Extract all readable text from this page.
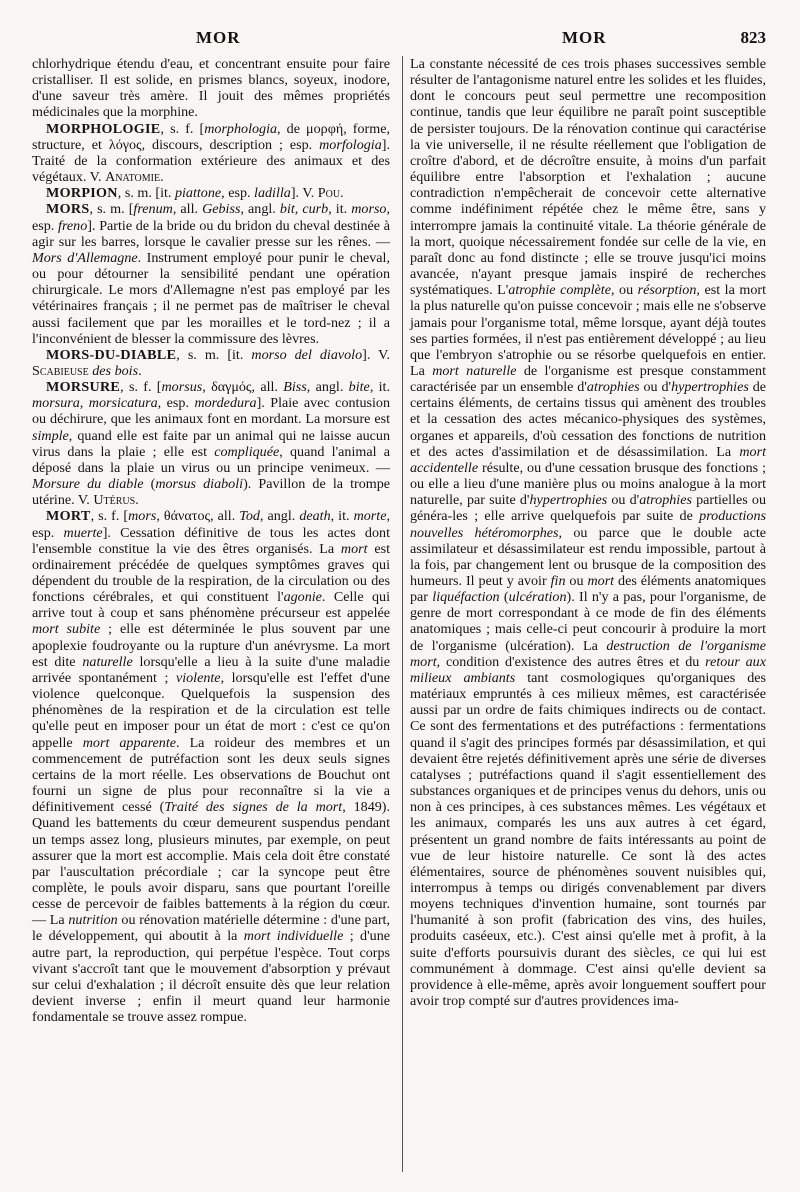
MOR	MOR	823

chlorhydrique étendu d'eau, et concentrant ensuite pour faire cristalliser. Il est solide, en prismes blancs, soyeux, inodore, d'une saveur très amère. Il jouit des mêmes propriétés médicinales que la morphine.

MORPHOLOGIE, s. f. [morphologia, de μορφή, forme, structure, et λόγος, discours, description ; esp. morfologia]. Traité de la conformation extérieure des animaux et des végétaux. V. Anatomie.

MORPION, s. m. [it. piattone, esp. ladilla]. V. Pou.

MORS, s. m. [frenum, all. Gebiss, angl. bit, curb, it. morso, esp. freno]. Partie de la bride ou du bridon du cheval destinée à agir sur les barres, lorsque le cavalier presse sur les rênes. — Mors d'Allemagne. Instrument employé pour punir le cheval, ou pour détourner la sensibilité pendant une opération chirurgicale. Le mors d'Allemagne n'est pas employé par les vétérinaires français ; il ne permet pas de maîtriser le cheval aussi facilement que par les morailles et le tord-nez ; il a l'inconvénient de blesser la commissure des lèvres.

MORS-DU-DIABLE, s. m. [it. morso del diavolo]. V. Scabieuse des bois.

MORSURE, s. f. [morsus, δαγμός, all. Biss, angl. bite, it. morsura, morsicatura, esp. mordedura]. Plaie avec contusion ou déchirure, que les animaux font en mordant. La morsure est simple, quand elle est faite par un animal qui ne laisse aucun virus dans la plaie ; elle est compliquée, quand l'animal a déposé dans la plaie un virus ou un principe venimeux. — Morsure du diable (morsus diaboli). Pavillon de la trompe utérine. V. Utérus.

MORT, s. f. [mors, θάνατος, all. Tod, angl. death, it. morte, esp. muerte]. Cessation définitive de tous les actes dont l'ensemble constitue la vie des êtres organisés. La mort est ordinairement précédée de quelques symptômes graves qui dépendent du trouble de la respiration, de la circulation ou des fonctions cérébrales, et qui constituent l'agonie. Celle qui arrive tout à coup et sans phénomène précurseur est appelée mort subite ; elle est déterminée le plus souvent par une apoplexie foudroyante ou la rupture d'un anévrysme. La mort est dite naturelle lorsqu'elle a lieu à la suite d'une maladie arrivée spontanément ; violente, lorsqu'elle est l'effet d'une violence quelconque. Quelquefois la suspension des phénomènes de la respiration et de la circulation est telle qu'elle peut en imposer pour un état de mort : c'est ce qu'on appelle mort apparente. La roideur des membres et un commencement de putréfaction sont les deux seuls signes certains de la mort réelle. Les observations de Bouchut ont fourni un signe de plus pour reconnaître si la vie a définitivement cessé (Traité des signes de la mort, 1849). Quand les battements du cœur demeurent suspendus pendant un temps assez long, plusieurs minutes, par exemple, on peut assurer que la mort est accomplie. Mais cela doit être constaté par l'auscultation précordiale ; car la syncope peut être complète, le pouls avoir disparu, sans que pourtant l'oreille cesse de percevoir de faibles battements à la région du cœur. — La nutrition ou rénovation matérielle détermine : d'une part, le développement, qui aboutit à la mort individuelle ; d'une autre part, la reproduction, qui perpétue l'espèce. Tout corps vivant s'accroît tant que le mouvement d'absorption y prévaut sur celui d'exhalation ; il décroît ensuite dès que leur relation devient inverse ; enfin il meurt quand leur harmonie fondamentale se trouve assez rompue.

La constante nécessité de ces trois phases successives semble résulter de l'antagonisme naturel entre les solides et les fluides, dont le concours peut seul permettre une recomposition continue, tandis que leur équilibre ne paraît point susceptible de persister toujours. De la rénovation continue qui caractérise la vie universelle, il ne résulte réellement que l'obligation de croître d'abord, et de décroître ensuite, à moins d'un parfait équilibre entre l'absorption et l'exhalation ; aucune contradiction n'empêcherait de concevoir cette alternative comme indéfiniment répétée chez le même être, sans y interrompre jamais la continuité vitale. La théorie générale de la mort, quoique nécessairement fondée sur celle de la vie, en paraît donc au fond distincte ; elle se trouve jusqu'ici moins avancée, n'ayant presque jamais inspiré de recherches systématiques. L'atrophie complète, ou résorption, est la mort la plus naturelle qu'on puisse concevoir ; mais elle ne s'observe jamais pour l'organisme total, même lorsque, ayant déjà toutes ses parties formées, il n'est pas entièrement développé ; au lieu que l'embryon s'atrophie ou se résorbe quelquefois en entier. La mort naturelle de l'organisme est presque constamment caractérisée par un ensemble d'atrophies ou d'hypertrophies de certains éléments, de certains tissus qui amènent des troubles et la cessation des actes mécanico-physiques des systèmes, organes et appareils, d'où cessation des fonctions de nutrition et des actes d'assimilation et de désassimilation. La mort accidentelle résulte, ou d'une cessation brusque des fonctions ; ou elle a lieu d'une manière plus ou moins analogue à la mort naturelle, par suite d'hypertrophies ou d'atrophies partielles ou généra-les ; elle arrive quelquefois par suite de productions nouvelles hétéromorphes, ou parce que le double acte assimilateur et désassimilateur est rendu impossible, partout à la fois, par changement lent ou brusque de la composition des humeurs. Il peut y avoir fin ou mort des éléments anatomiques par liquéfaction (ulcération). Il n'y a pas, pour l'organisme, de genre de mort correspondant à ce mode de fin des éléments anatomiques ; mais celle-ci peut concourir à produire la mort de l'organisme (ulcération). La destruction de l'organisme mort, condition d'existence des autres êtres et du retour aux milieux ambiants tant cosmologiques qu'organiques des matériaux empruntés à ces milieux mêmes, est caractérisée aussi par un ordre de faits chimiques indirects ou de contact. Ce sont des fermentations et des putréfactions : fermentations quand il s'agit des principes formés par désassimilation, et qui devaient être rejetés définitivement après une série de diverses catalyses ; putréfactions quand il s'agit essentiellement des substances organiques et de principes venus du dehors, unis ou non à ces principes, à ces substances mêmes. Les végétaux et les animaux, comparés les uns aux autres à cet égard, présentent un grand nombre de faits intéressants au point de vue de leur histoire naturelle. Ce sont là des actes élémentaires, source de phénomènes souvent nuisibles qui, interrompus à temps ou dirigés convenablement par divers moyens techniques d'invention humaine, sont tournés par l'humanité à son profit (fabrication des vins, des huiles, produits caséeux, etc.). C'est ainsi qu'elle met à profit, à la suite d'efforts poursuivis durant des siècles, ce qui lui est communément à dommage. C'est ainsi qu'elle devient sa providence à elle-même, après avoir longuement souffert pour avoir trop compté sur d'autres providences ima-
